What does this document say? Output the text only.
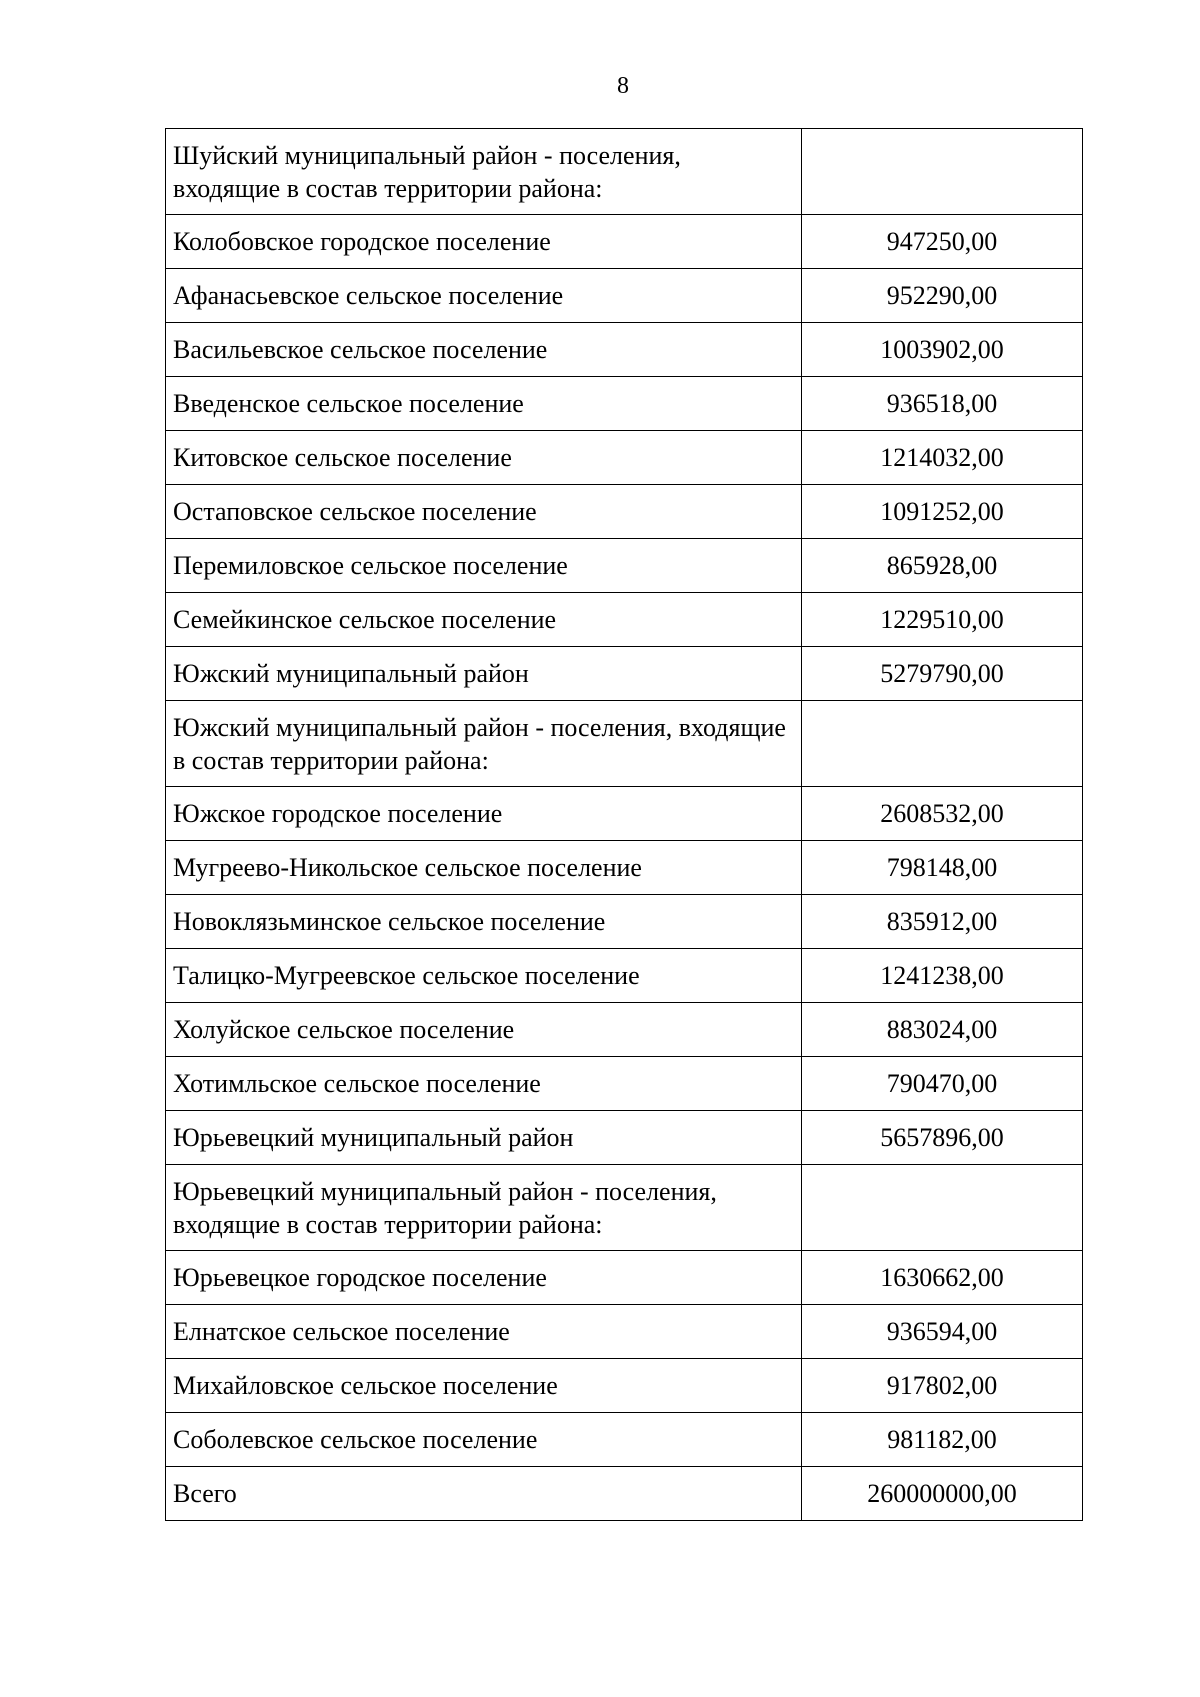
8
Шуйский муниципальный район - поселения, входящие в состав территории района:	
Колобовское городское поселение	947250,00
Афанасьевское сельское поселение	952290,00
Васильевское сельское поселение	1003902,00
Введенское сельское поселение	936518,00
Китовское сельское поселение	1214032,00
Остаповское сельское поселение	1091252,00
Перемиловское сельское поселение	865928,00
Семейкинское сельское поселение	1229510,00
Южский муниципальный район	5279790,00
Южский муниципальный район - поселения, входящие в состав территории района:	
Южское городское поселение	2608532,00
Мугреево-Никольское сельское поселение	798148,00
Новоклязьминское сельское поселение	835912,00
Талицко-Мугреевское сельское поселение	1241238,00
Холуйское сельское поселение	883024,00
Хотимльское сельское поселение	790470,00
Юрьевецкий муниципальный район	5657896,00
Юрьевецкий муниципальный район - поселения, входящие в состав территории района:	
Юрьевецкое городское поселение	1630662,00
Елнатское сельское поселение	936594,00
Михайловское сельское поселение	917802,00
Соболевское сельское поселение	981182,00
Всего	260000000,00
